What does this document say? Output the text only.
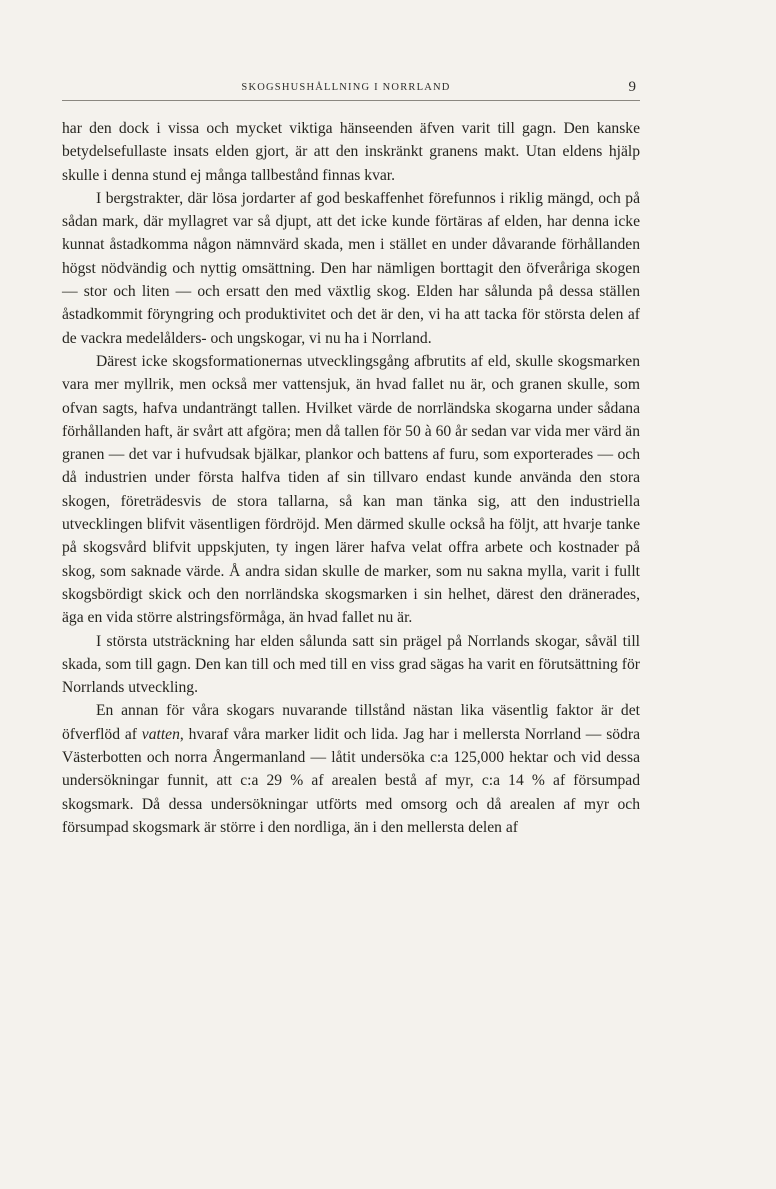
SKOGSHUSHÅLLNING I NORRLAND	9

har den dock i vissa och mycket viktiga hänseenden äfven varit till gagn. Den kanske betydelsefullaste insats elden gjort, är att den inskränkt granens makt. Utan eldens hjälp skulle i denna stund ej många tallbestånd finnas kvar.

I bergstrakter, där lösa jordarter af god beskaffenhet förefunnos i riklig mängd, och på sådan mark, där myllagret var så djupt, att det icke kunde förtäras af elden, har denna icke kunnat åstadkomma någon nämnvärd skada, men i stället en under dåvarande förhållanden högst nödvändig och nyttig omsättning. Den har nämligen borttagit den öfveråriga skogen — stor och liten — och ersatt den med växtlig skog. Elden har sålunda på dessa ställen åstadkommit föryngring och produktivitet och det är den, vi ha att tacka för största delen af de vackra medelålders- och ungskogar, vi nu ha i Norrland.

Därest icke skogsformationernas utvecklingsgång afbrutits af eld, skulle skogsmarken vara mer myllrik, men också mer vattensjuk, än hvad fallet nu är, och granen skulle, som ofvan sagts, hafva undanträngt tallen. Hvilket värde de norrländska skogarna under sådana förhållanden haft, är svårt att afgöra; men då tallen för 50 à 60 år sedan var vida mer värd än granen — det var i hufvudsak bjälkar, plankor och battens af furu, som exporterades — och då industrien under första halfva tiden af sin tillvaro endast kunde använda den stora skogen, företrädesvis de stora tallarna, så kan man tänka sig, att den industriella utvecklingen blifvit väsentligen fördröjd. Men därmed skulle också ha följt, att hvarje tanke på skogsvård blifvit uppskjuten, ty ingen lärer hafva velat offra arbete och kostnader på skog, som saknade värde. Å andra sidan skulle de marker, som nu sakna mylla, varit i fullt skogsbördigt skick och den norrländska skogsmarken i sin helhet, därest den dränerades, äga en vida större alstringsförmåga, än hvad fallet nu är.

I största utsträckning har elden sålunda satt sin prägel på Norrlands skogar, såväl till skada, som till gagn. Den kan till och med till en viss grad sägas ha varit en förutsättning för Norrlands utveckling.

En annan för våra skogars nuvarande tillstånd nästan lika väsentlig faktor är det öfverflöd af vatten, hvaraf våra marker lidit och lida. Jag har i mellersta Norrland — södra Västerbotten och norra Ångermanland — låtit undersöka c:a 125,000 hektar och vid dessa undersökningar funnit, att c:a 29 % af arealen bestå af myr, c:a 14 % af försumpad skogsmark. Då dessa undersökningar utförts med omsorg och då arealen af myr och försumpad skogsmark är större i den nordliga, än i den mellersta delen af
